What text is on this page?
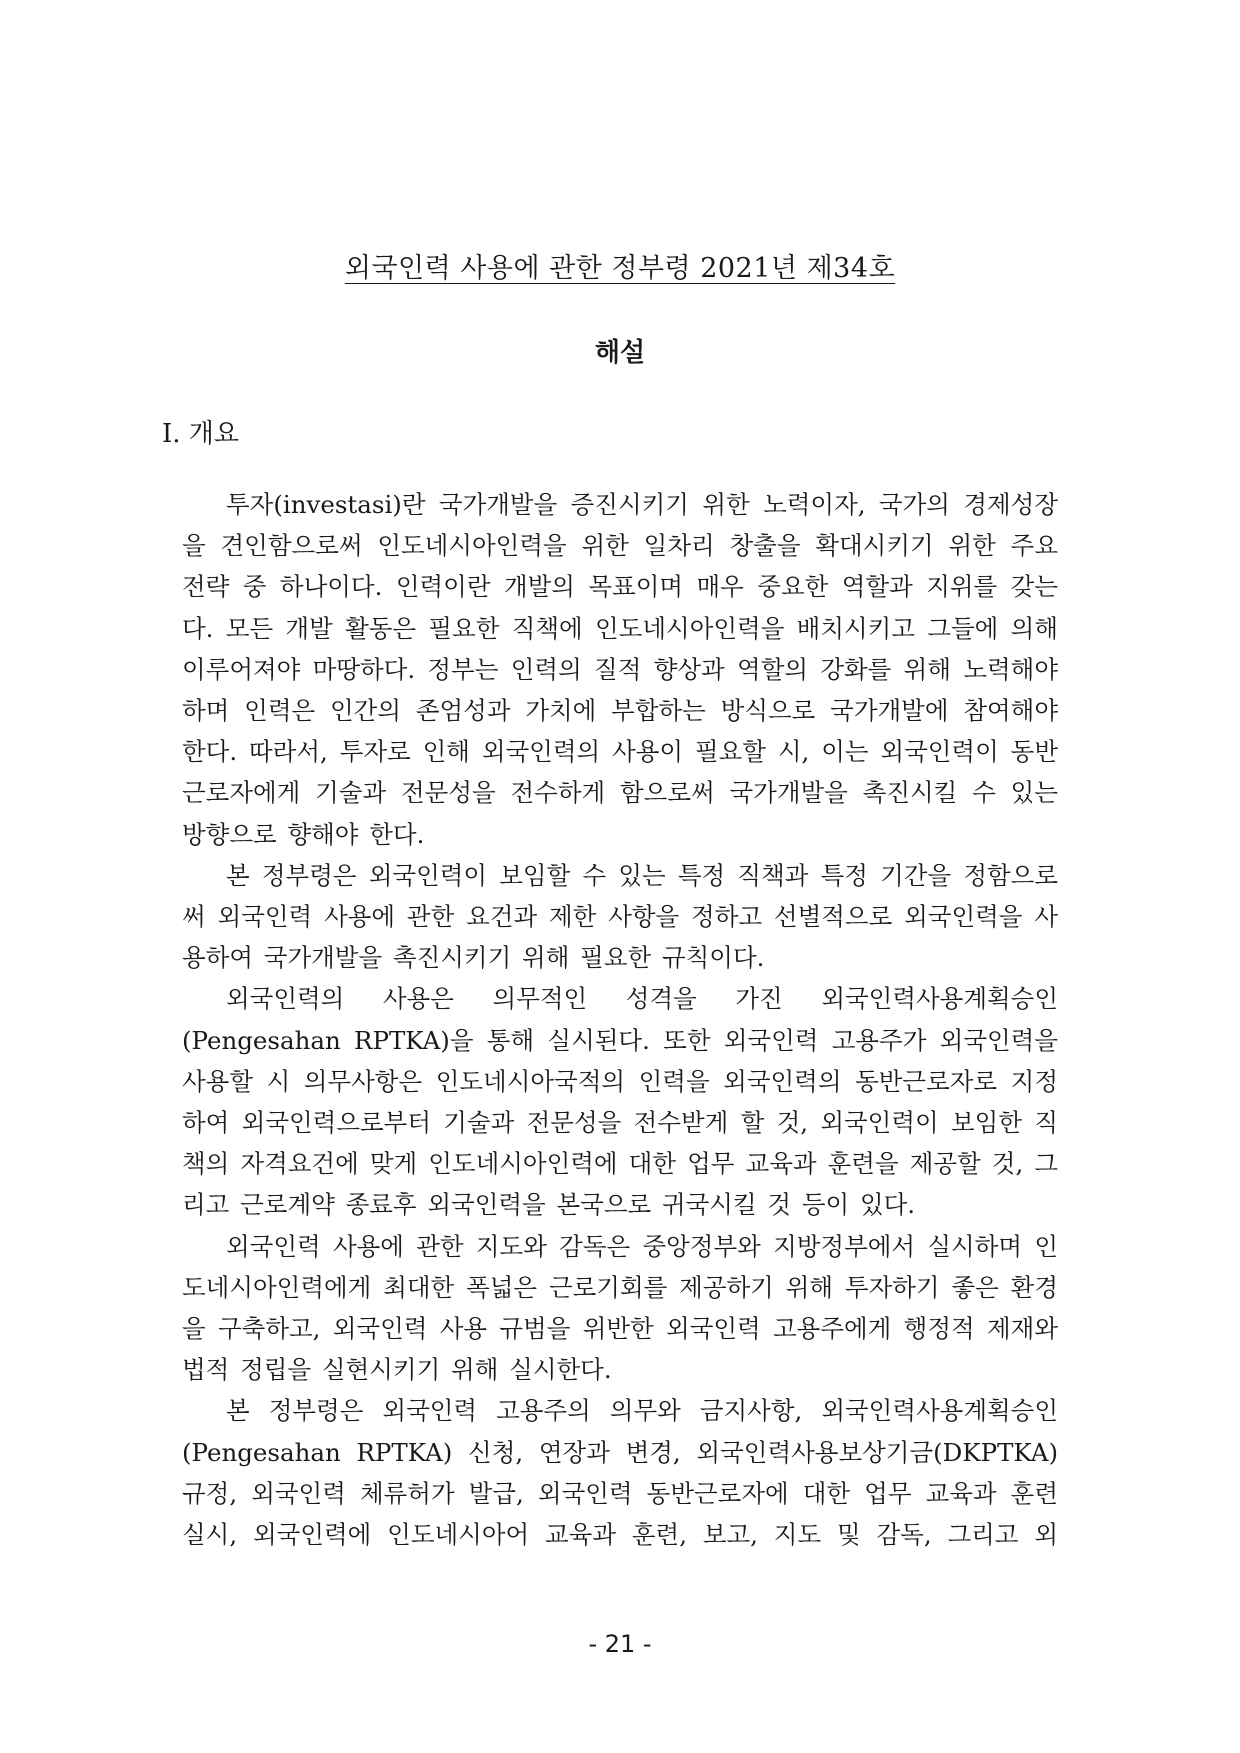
외국인력 사용에 관한 정부령 2021년 제34호
해설
I. 개요

투자(investasi)란 국가개발을 증진시키기 위한 노력이자, 국가의 경제성장을 견인함으로써 인도네시아인력을 위한 일차리 창출을 확대시키기 위한 주요 전략 중 하나이다. 인력이란 개발의 목표이며 매우 중요한 역할과 지위를 갖는다. 모든 개발 활동은 필요한 직책에 인도네시아인력을 배치시키고 그들에 의해 이루어져야 마땅하다. 정부는 인력의 질적 향상과 역할의 강화를 위해 노력해야하며 인력은 인간의 존엄성과 가치에 부합하는 방식으로 국가개발에 참여해야 한다. 따라서, 투자로 인해 외국인력의 사용이 필요할 시, 이는 외국인력이 동반근로자에게 기술과 전문성을 전수하게 함으로써 국가개발을 촉진시킬 수 있는 방향으로 향해야 한다.

본 정부령은 외국인력이 보임할 수 있는 특정 직책과 특정 기간을 정함으로써 외국인력 사용에 관한 요건과 제한 사항을 정하고 선별적으로 외국인력을 사용하여 국가개발을 촉진시키기 위해 필요한 규칙이다.

외국인력의 사용은 의무적인 성격을 가진 외국인력사용계획승인(Pengesahan RPTKA)을 통해 실시된다. 또한 외국인력 고용주가 외국인력을 사용할 시 의무사항은 인도네시아국적의 인력을 외국인력의 동반근로자로 지정하여 외국인력으로부터 기술과 전문성을 전수받게 할 것, 외국인력이 보임한 직책의 자격요건에 맞게 인도네시아인력에 대한 업무 교육과 훈련을 제공할 것, 그리고 근로계약 종료후 외국인력을 본국으로 귀국시킬 것 등이 있다.

외국인력 사용에 관한 지도와 감독은 중앙정부와 지방정부에서 실시하며 인도네시아인력에게 최대한 폭넓은 근로기회를 제공하기 위해 투자하기 좋은 환경을 구축하고, 외국인력 사용 규범을 위반한 외국인력 고용주에게 행정적 제재와 법적 정립을 실현시키기 위해 실시한다.

본 정부령은 외국인력 고용주의 의무와 금지사항, 외국인력사용계획승인(Pengesahan RPTKA) 신청, 연장과 변경, 외국인력사용보상기금(DKPTKA) 규정, 외국인력 체류허가 발급, 외국인력 동반근로자에 대한 업무 교육과 훈련 실시, 외국인력에 인도네시아어 교육과 훈련, 보고, 지도 및 감독, 그리고 외

- 21 -
